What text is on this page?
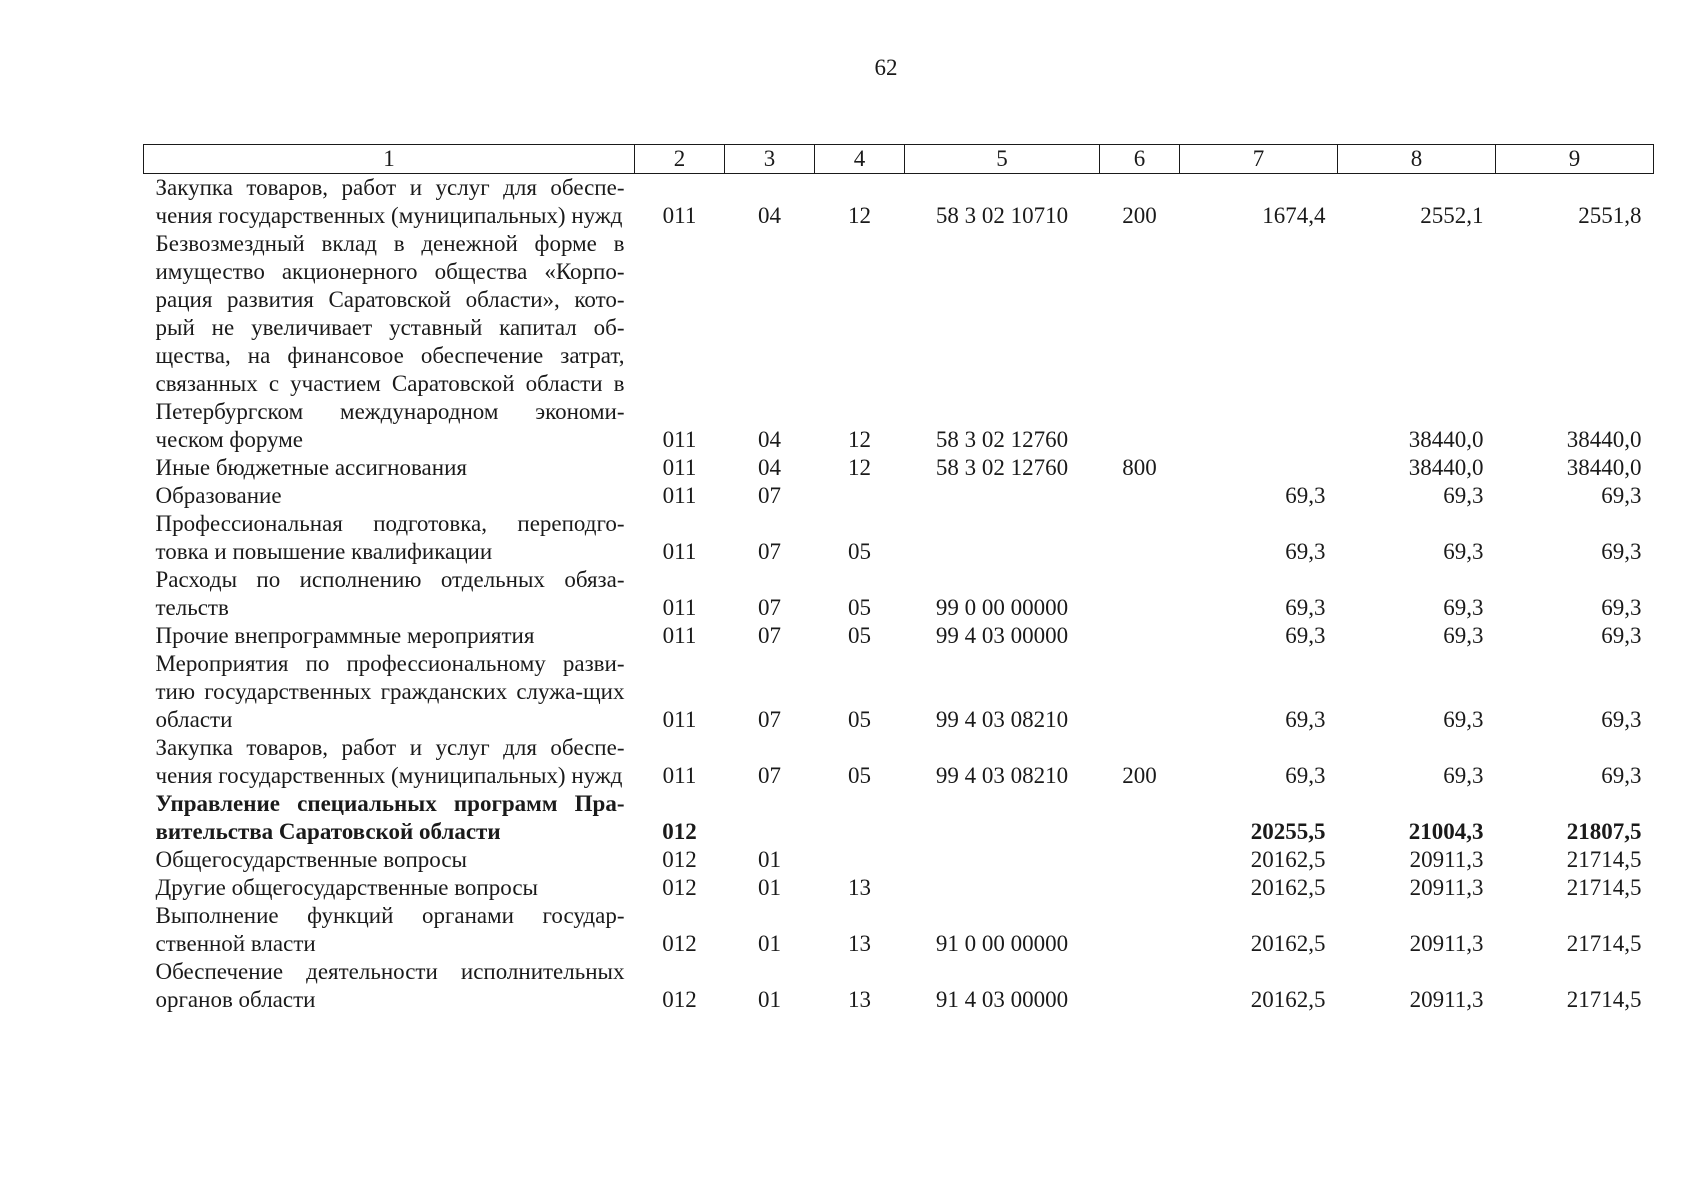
62
1	2	3	4	5	6	7	8	9
Закупка товаров, работ и услуг для обеспе-чения государственных (муниципальных) нужд	011	04	12	58 3 02 10710	200	1674,4	2552,1	2551,8
Безвозмездный вклад в денежной форме в имущество акционерного общества «Корпо-рация развития Саратовской области», кото-рый не увеличивает уставный капитал об-щества, на финансовое обеспечение затрат, связанных с участием Саратовской области в Петербургском международном экономи-ческом форуме	011	04	12	58 3 02 12760			38440,0	38440,0
Иные бюджетные ассигнования	011	04	12	58 3 02 12760	800		38440,0	38440,0
Образование	011	07				69,3	69,3	69,3
Профессиональная подготовка, переподго-товка и повышение квалификации	011	07	05			69,3	69,3	69,3
Расходы по исполнению отдельных обяза-тельств	011	07	05	99 0 00 00000		69,3	69,3	69,3
Прочие внепрограммные мероприятия	011	07	05	99 4 03 00000		69,3	69,3	69,3
Мероприятия по профессиональному разви-тию государственных гражданских служа-щих области	011	07	05	99 4 03 08210		69,3	69,3	69,3
Закупка товаров, работ и услуг для обеспе-чения государственных (муниципальных) нужд	011	07	05	99 4 03 08210	200	69,3	69,3	69,3
Управление специальных программ Пра-вительства Саратовской области	012					20255,5	21004,3	21807,5
Общегосударственные вопросы	012	01				20162,5	20911,3	21714,5
Другие общегосударственные вопросы	012	01	13			20162,5	20911,3	21714,5
Выполнение функций органами государ-ственной власти	012	01	13	91 0 00 00000		20162,5	20911,3	21714,5
Обеспечение деятельности исполнительных органов области	012	01	13	91 4 03 00000		20162,5	20911,3	21714,5
